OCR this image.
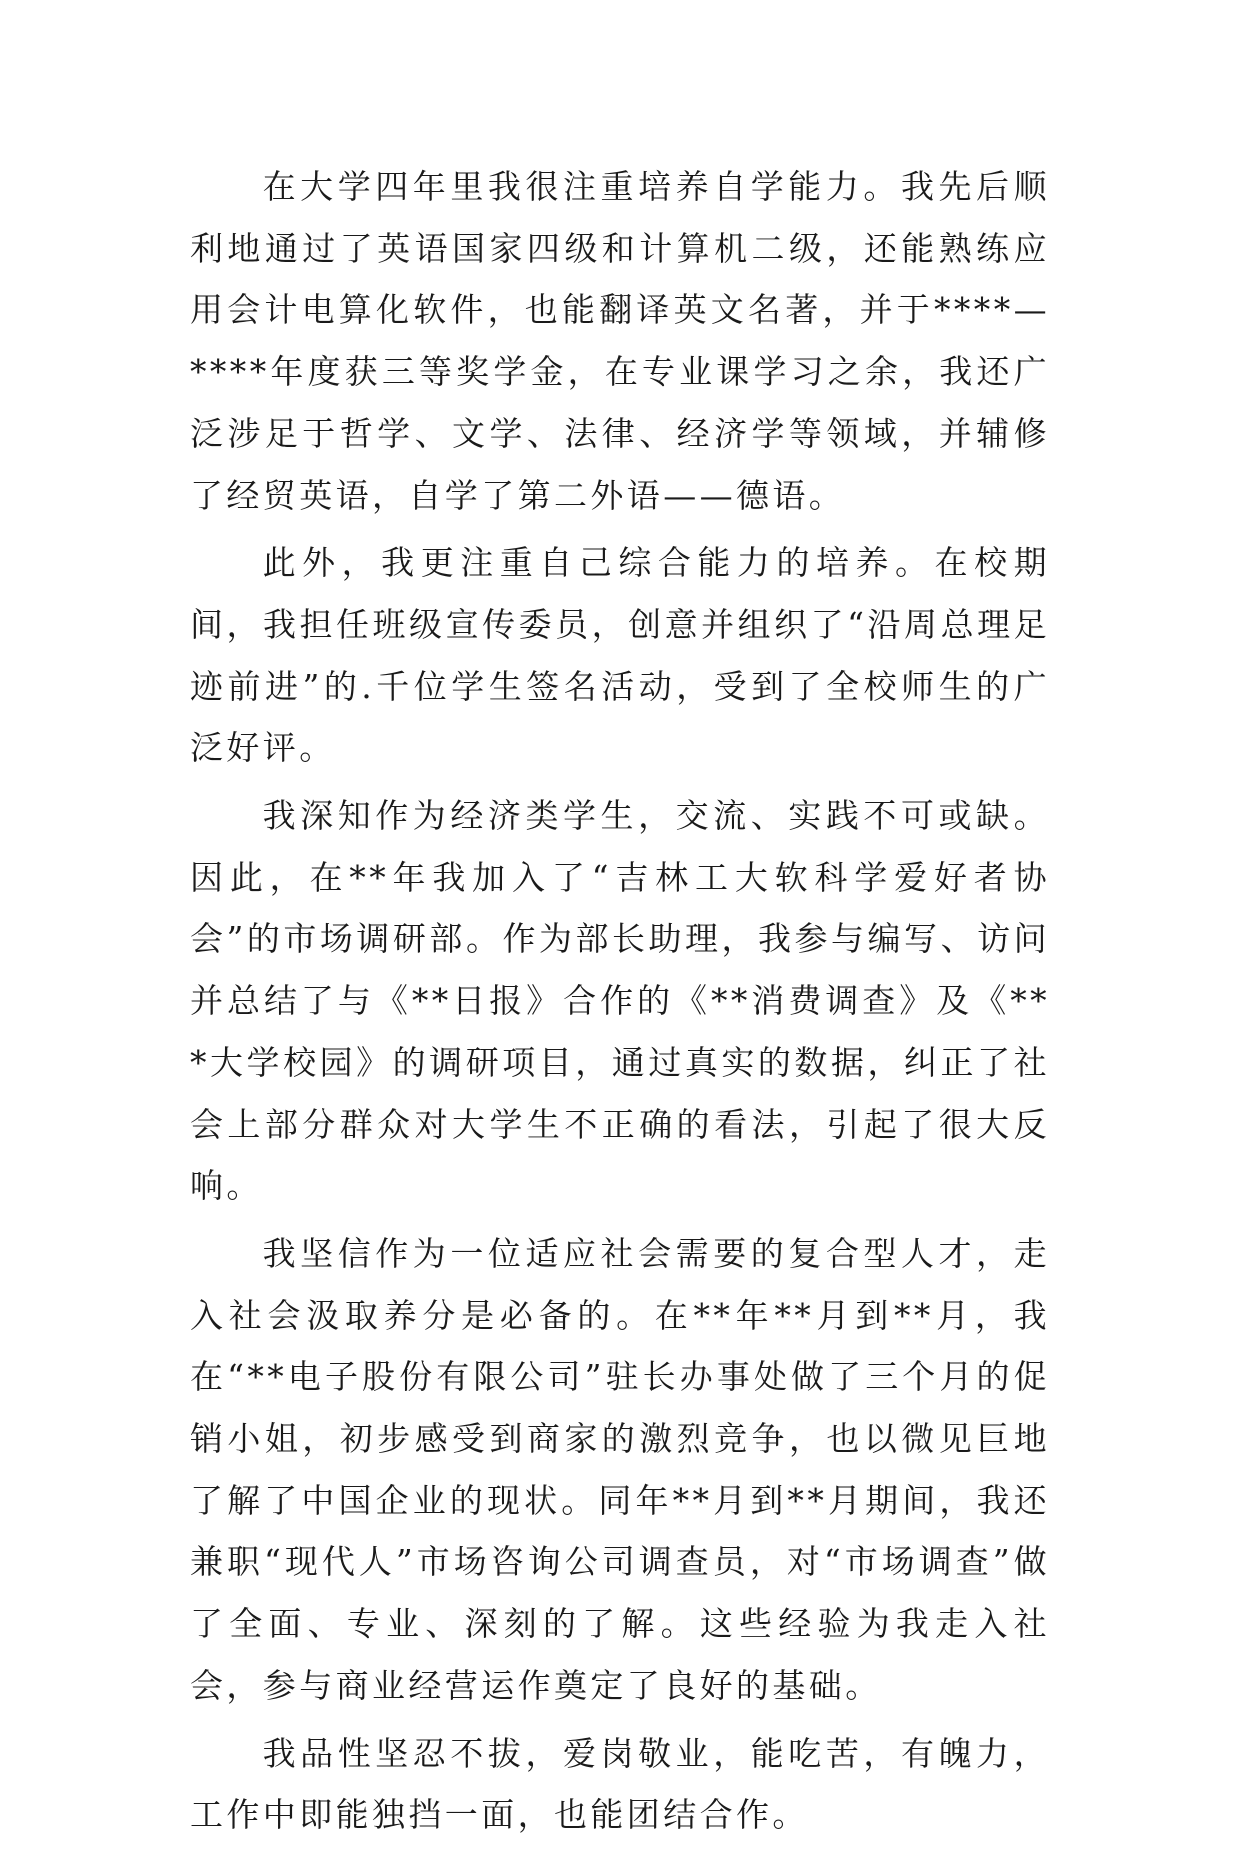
在大学四年里我很注重培养自学能力。我先后顺利地通过了英语国家四级和计算机二级，还能熟练应用会计电算化软件，也能翻译英文名著，并于****—****年度获三等奖学金，在专业课学习之余，我还广泛涉足于哲学、文学、法律、经济学等领域，并辅修了经贸英语，自学了第二外语——德语。

此外，我更注重自己综合能力的培养。在校期间，我担任班级宣传委员，创意并组织了“沿周总理足迹前进”的.千位学生签名活动，受到了全校师生的广泛好评。

我深知作为经济类学生，交流、实践不可或缺。因此，在**年我加入了“吉林工大软科学爱好者协会”的市场调研部。作为部长助理，我参与编写、访问并总结了与《**日报》合作的《**消费调查》及《***大学校园》的调研项目，通过真实的数据，纠正了社会上部分群众对大学生不正确的看法，引起了很大反响。

我坚信作为一位适应社会需要的复合型人才，走入社会汲取养分是必备的。在**年**月到**月，我在“**电子股份有限公司”驻长办事处做了三个月的促销小姐，初步感受到商家的激烈竞争，也以微见巨地了解了中国企业的现状。同年**月到**月期间，我还兼职“现代人”市场咨询公司调查员，对“市场调查”做了全面、专业、深刻的了解。这些经验为我走入社会，参与商业经营运作奠定了良好的基础。

我品性坚忍不拔，爱岗敬业，能吃苦，有魄力，工作中即能独挡一面，也能团结合作。
